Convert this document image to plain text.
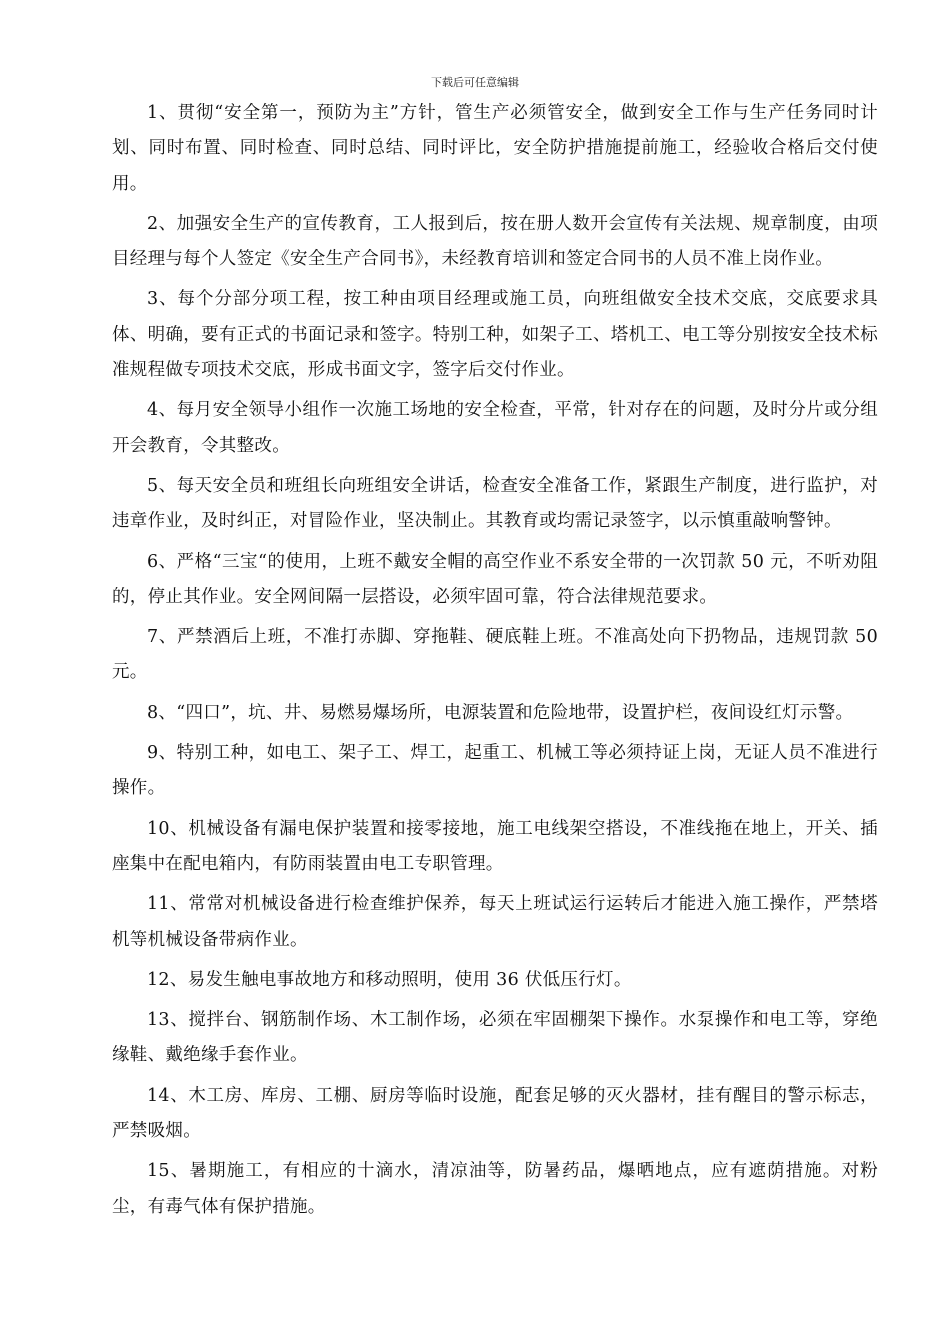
下载后可任意编辑

1、贯彻“安全第一，预防为主”方针，管生产必须管安全，做到安全工作与生产任务同时计划、同时布置、同时检查、同时总结、同时评比，安全防护措施提前施工，经验收合格后交付使用。

2、加强安全生产的宣传教育，工人报到后，按在册人数开会宣传有关法规、规章制度，由项目经理与每个人签定《安全生产合同书》，未经教育培训和签定合同书的人员不准上岗作业。

3、每个分部分项工程，按工种由项目经理或施工员，向班组做安全技术交底，交底要求具体、明确，要有正式的书面记录和签字。特别工种，如架子工、塔机工、电工等分别按安全技术标准规程做专项技术交底，形成书面文字，签字后交付作业。

4、每月安全领导小组作一次施工场地的安全检查，平常，针对存在的问题，及时分片或分组开会教育，令其整改。

5、每天安全员和班组长向班组安全讲话，检查安全准备工作，紧跟生产制度，进行监护，对违章作业，及时纠正，对冒险作业，坚决制止。其教育或均需记录签字，以示慎重敲响警钟。

6、严格“三宝“的使用，上班不戴安全帽的高空作业不系安全带的一次罚款 50 元，不听劝阻的，停止其作业。安全网间隔一层搭设，必须牢固可靠，符合法律规范要求。

7、严禁酒后上班，不准打赤脚、穿拖鞋、硬底鞋上班。不准高处向下扔物品，违规罚款 50 元。

8、“四口”，坑、井、易燃易爆场所，电源装置和危险地带，设置护栏，夜间设红灯示警。

9、特别工种，如电工、架子工、焊工，起重工、机械工等必须持证上岗，无证人员不准进行操作。

10、机械设备有漏电保护装置和接零接地，施工电线架空搭设，不准线拖在地上，开关、插座集中在配电箱内，有防雨装置由电工专职管理。

11、常常对机械设备进行检查维护保养，每天上班试运行运转后才能进入施工操作，严禁塔机等机械设备带病作业。

12、易发生触电事故地方和移动照明，使用 36 伏低压行灯。

13、搅拌台、钢筋制作场、木工制作场，必须在牢固棚架下操作。水泵操作和电工等，穿绝缘鞋、戴绝缘手套作业。

14、木工房、库房、工棚、厨房等临时设施，配套足够的灭火器材，挂有醒目的警示标志，严禁吸烟。

15、暑期施工，有相应的十滴水，清凉油等，防暑药品，爆晒地点，应有遮荫措施。对粉尘，有毒气体有保护措施。
